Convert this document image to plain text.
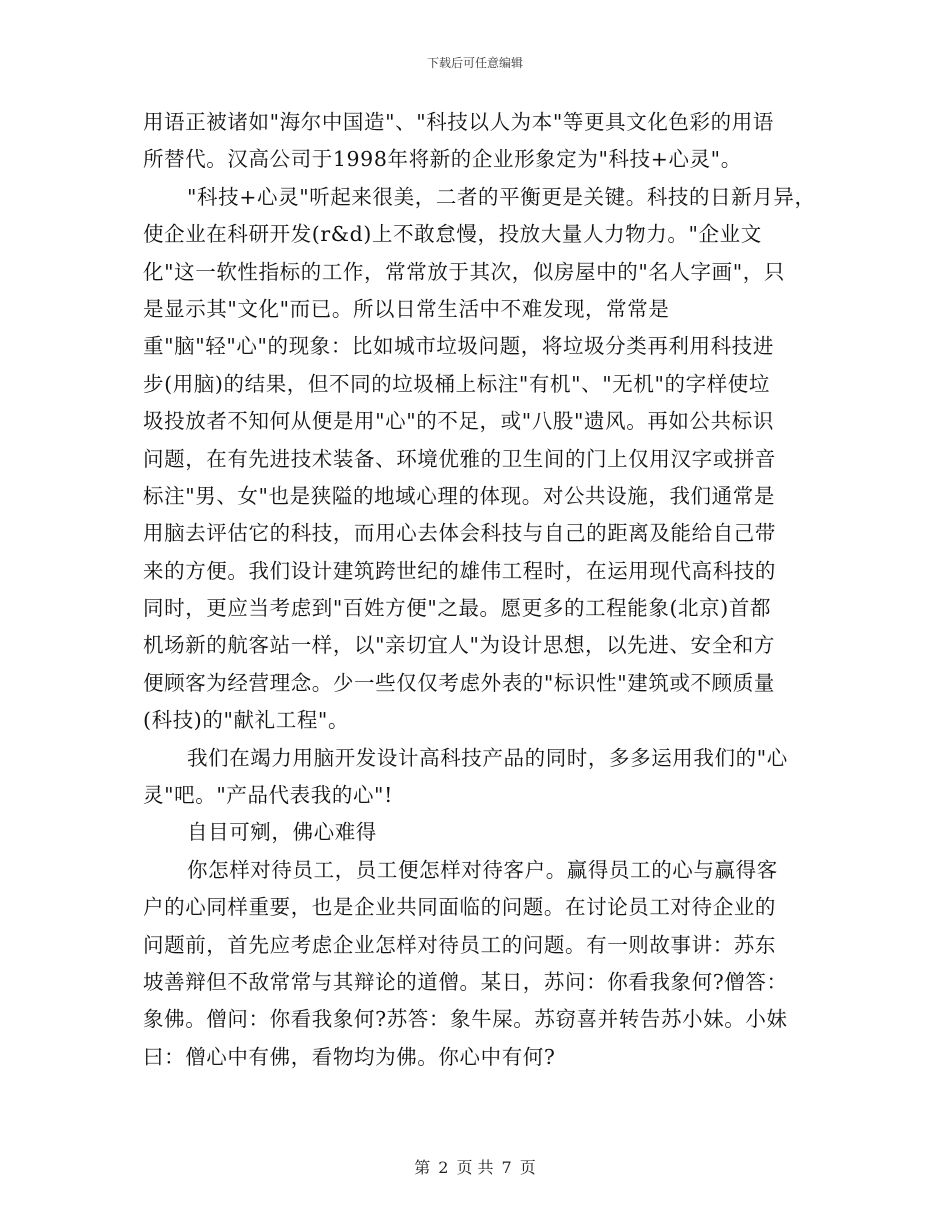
下载后可任意编辑
用语正被诸如"海尔中国造"、"科技以人为本"等更具文化色彩的用语
所替代。汉高公司于1998年将新的企业形象定为"科技+心灵"。
"科技+心灵"听起来很美，二者的平衡更是关键。科技的日新月异，
使企业在科研开发(r&d)上不敢怠慢，投放大量人力物力。"企业文
化"这一软性指标的工作，常常放于其次，似房屋中的"名人字画"，只
是显示其"文化"而已。所以日常生活中不难发现，常常是
重"脑"轻"心"的现象：比如城市垃圾问题，将垃圾分类再利用科技进
步(用脑)的结果，但不同的垃圾桶上标注"有机"、"无机"的字样使垃
圾投放者不知何从便是用"心"的不足，或"八股"遗风。再如公共标识
问题，在有先进技术装备、环境优雅的卫生间的门上仅用汉字或拼音
标注"男、女"也是狭隘的地域心理的体现。对公共设施，我们通常是
用脑去评估它的科技，而用心去体会科技与自己的距离及能给自己带
来的方便。我们设计建筑跨世纪的雄伟工程时，在运用现代高科技的
同时，更应当考虑到"百姓方便"之最。愿更多的工程能象(北京)首都
机场新的航客站一样，以"亲切宜人"为设计思想，以先进、安全和方
便顾客为经营理念。少一些仅仅考虑外表的"标识性"建筑或不顾质量
(科技)的"献礼工程"。
我们在竭力用脑开发设计高科技产品的同时，多多运用我们的"心
灵"吧。"产品代表我的心"!
自目可剜，佛心难得
你怎样对待员工，员工便怎样对待客户。赢得员工的心与赢得客
户的心同样重要，也是企业共同面临的问题。在讨论员工对待企业的
问题前，首先应考虑企业怎样对待员工的问题。有一则故事讲：苏东
坡善辩但不敌常常与其辩论的道僧。某日，苏问：你看我象何?僧答：
象佛。僧问：你看我象何?苏答：象牛屎。苏窃喜并转告苏小妹。小妹
曰：僧心中有佛，看物均为佛。你心中有何?
第 2 页 共 7 页
